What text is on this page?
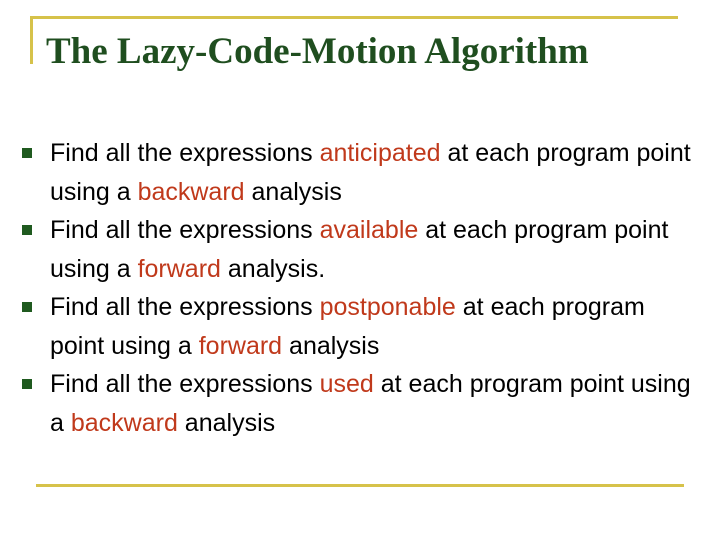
The Lazy-Code-Motion Algorithm
Find all the expressions anticipated at each program point using a backward analysis
Find all the expressions available at each program point using a forward analysis.
Find all the expressions postponable at each program point using a forward analysis
Find all the expressions used at each program point using a backward analysis
